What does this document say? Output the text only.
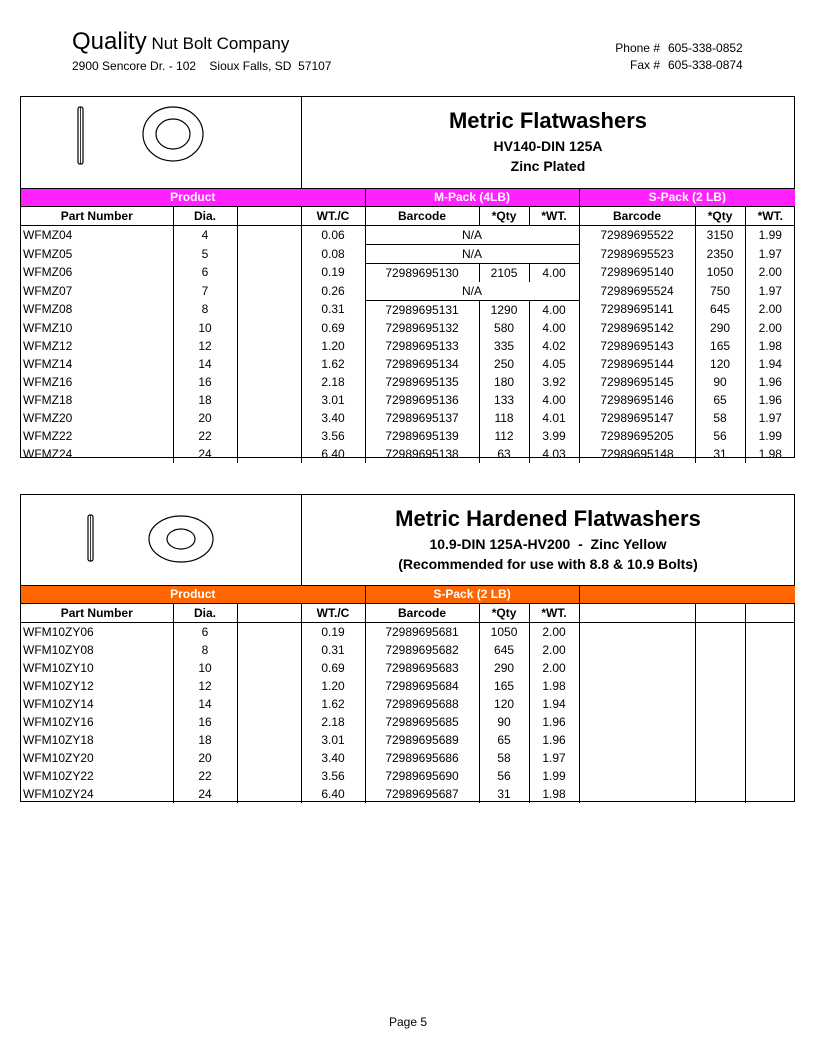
Quality Nut Bolt Company
2900 Sencore Dr. - 102    Sioux Falls, SD  57107
Phone # 605-338-0852
Fax # 605-338-0874
Metric Flatwashers
HV140-DIN 125A
Zinc Plated
Product				M-Pack (4LB)			S-Pack (2 LB)		
Part Number	Dia.		WT./C	Barcode	*Qty	*WT.	Barcode	*Qty	*WT.
WFMZ04	4		0.06	N/A			72989695522	3150	1.99
WFMZ05	5		0.08	N/A			72989695523	2350	1.97
WFMZ06	6		0.19	72989695130	2105	4.00	72989695140	1050	2.00
WFMZ07	7		0.26	N/A			72989695524	750	1.97
WFMZ08	8		0.31	72989695131	1290	4.00	72989695141	645	2.00
WFMZ10	10		0.69	72989695132	580	4.00	72989695142	290	2.00
WFMZ12	12		1.20	72989695133	335	4.02	72989695143	165	1.98
WFMZ14	14		1.62	72989695134	250	4.05	72989695144	120	1.94
WFMZ16	16		2.18	72989695135	180	3.92	72989695145	90	1.96
WFMZ18	18		3.01	72989695136	133	4.00	72989695146	65	1.96
WFMZ20	20		3.40	72989695137	118	4.01	72989695147	58	1.97
WFMZ22	22		3.56	72989695139	112	3.99	72989695205	56	1.99
WFMZ24	24		6.40	72989695138	63	4.03	72989695148	31	1.98
Metric Hardened Flatwashers
10.9-DIN 125A-HV200  -  Zinc Yellow
(Recommended for use with 8.8 & 10.9 Bolts)
Product				S-Pack (2 LB)					
Part Number	Dia.		WT./C	Barcode	*Qty	*WT.			
WFM10ZY06	6		0.19	72989695681	1050	2.00			
WFM10ZY08	8		0.31	72989695682	645	2.00			
WFM10ZY10	10		0.69	72989695683	290	2.00			
WFM10ZY12	12		1.20	72989695684	165	1.98			
WFM10ZY14	14		1.62	72989695688	120	1.94			
WFM10ZY16	16		2.18	72989695685	90	1.96			
WFM10ZY18	18		3.01	72989695689	65	1.96			
WFM10ZY20	20		3.40	72989695686	58	1.97			
WFM10ZY22	22		3.56	72989695690	56	1.99			
WFM10ZY24	24		6.40	72989695687	31	1.98			
Page 5
